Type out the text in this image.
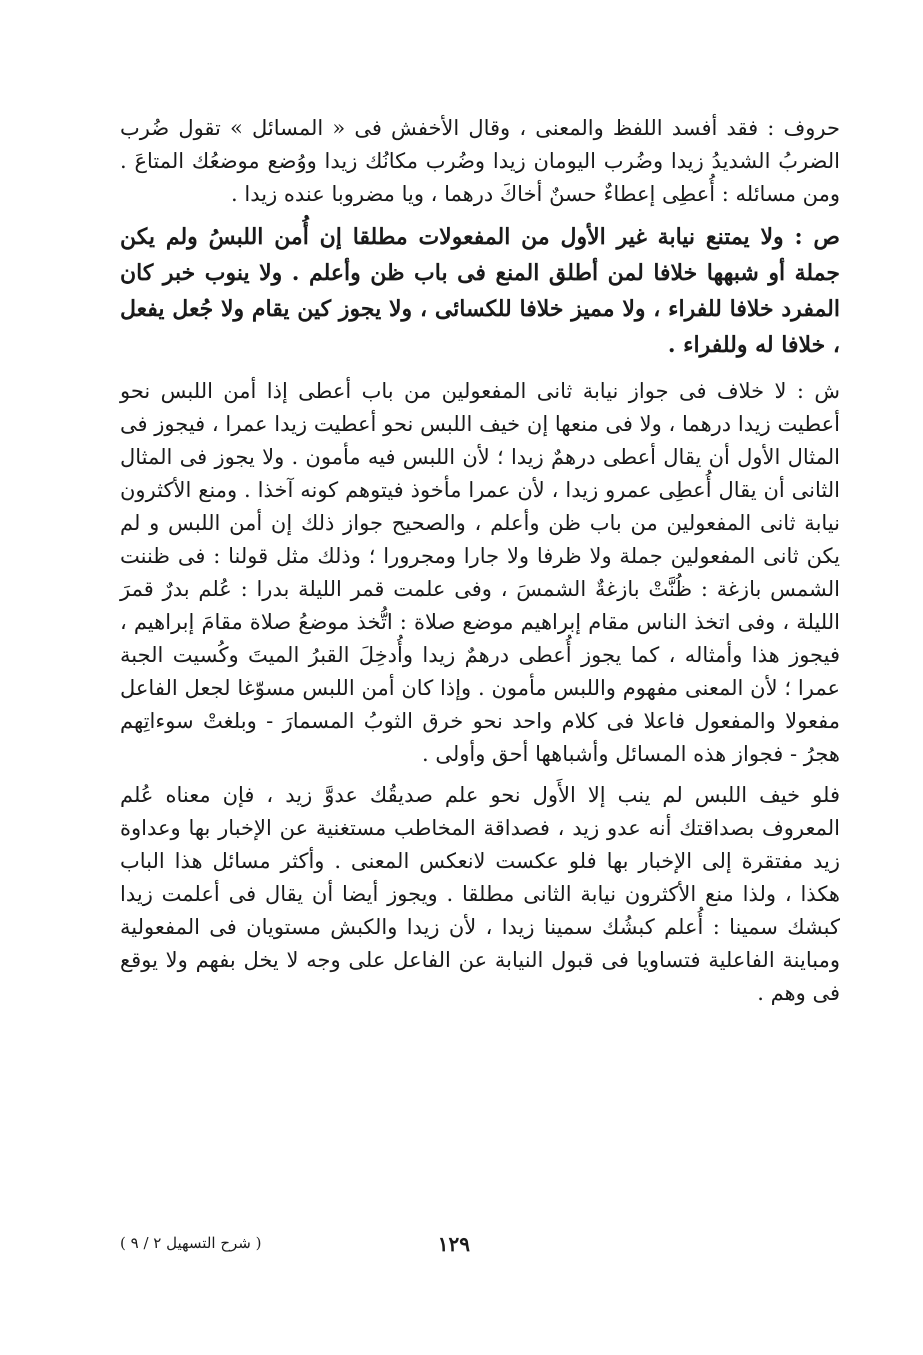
حروف : فقد أفسد اللفظ والمعنى ، وقال الأخفش فى « المسائل » تقول ضُرب الضربُ الشديدُ زيدا وضُرب اليومان زيدا وضُرب مكانُك زيدا ووُضع موضعُك المتاعَ . ومن مسائله : أُعطِى إعطاءٌ حسنٌ أخاكَ درهما ، ويا مضروبا عنده زيدا .

ص : ولا يمتنع نيابة غير الأول من المفعولات مطلقا إن أُمن اللبسُ ولم يكن جملة أو شبهها خلافا لمن أطلق المنع فى باب ظن وأعلم . ولا ينوب خبر كان المفرد خلافا للفراء ، ولا مميز خلافا للكسائى ، ولا يجوز كين يقام ولا جُعل يفعل ، خلافا له وللفراء .

ش : لا خلاف فى جواز نيابة ثانى المفعولين من باب أعطى إذا أمن اللبس نحو أعطيت زيدا درهما ، ولا فى منعها إن خيف اللبس نحو أعطيت زيدا عمرا ، فيجوز فى المثال الأول أن يقال أعطى درهمٌ زيدا ؛ لأن اللبس فيه مأمون . ولا يجوز فى المثال الثانى أن يقال أُعطِى عمرو زيدا ، لأن عمرا مأخوذ فيتوهم كونه آخذا . ومنع الأكثرون نيابة ثانى المفعولين من باب ظن وأعلم ، والصحيح جواز ذلك إن أمن اللبس و لم يكن ثانى المفعولين جملة ولا ظرفا ولا جارا ومجرورا ؛ وذلك مثل قولنا : فى ظننت الشمس بازغة : ظُنَّتْ بازغةٌ الشمسَ ، وفى علمت قمر الليلة بدرا : عُلم بدرٌ قمرَ الليلة ، وفى اتخذ الناس مقام إبراهيم موضع صلاة : اتُّخذ موضعُ صلاة مقامَ إبراهيم ، فيجوز هذا وأمثاله ، كما يجوز أُعطى درهمٌ زيدا وأُدخِلَ القبرُ الميتَ وكُسيت الجبة عمرا ؛ لأن المعنى مفهوم واللبس مأمون . وإذا كان أمن اللبس مسوّغا لجعل الفاعل مفعولا والمفعول فاعلا فى كلام واحد نحو خرق الثوبُ المسمارَ - وبلغتْ سوءاتِهم هجرُ - فجواز هذه المسائل وأشباهها أحق وأولى .

فلو خيف اللبس لم ينب إلا الأَول نحو علم صديقُك عدوَّ زيد ، فإن معناه عُلم المعروف بصداقتك أنه عدو زيد ، فصداقة المخاطب مستغنية عن الإخبار بها وعداوة زيد مفتقرة إلى الإخبار بها فلو عكست لانعكس المعنى . وأكثر مسائل هذا الباب هكذا ، ولذا منع الأكثرون نيابة الثانى مطلقا . ويجوز أيضا أن يقال فى أعلمت زيدا كبشك سمينا : أُعلم كبشُك سمينا زيدا ، لأن زيدا والكبش مستويان فى المفعولية ومباينة الفاعلية فتساويا فى قبول النيابة عن الفاعل على وجه لا يخل بفهم ولا يوقع فى وهم .

١٢٩
( شرح التسهيل ٢ / ٩ )
